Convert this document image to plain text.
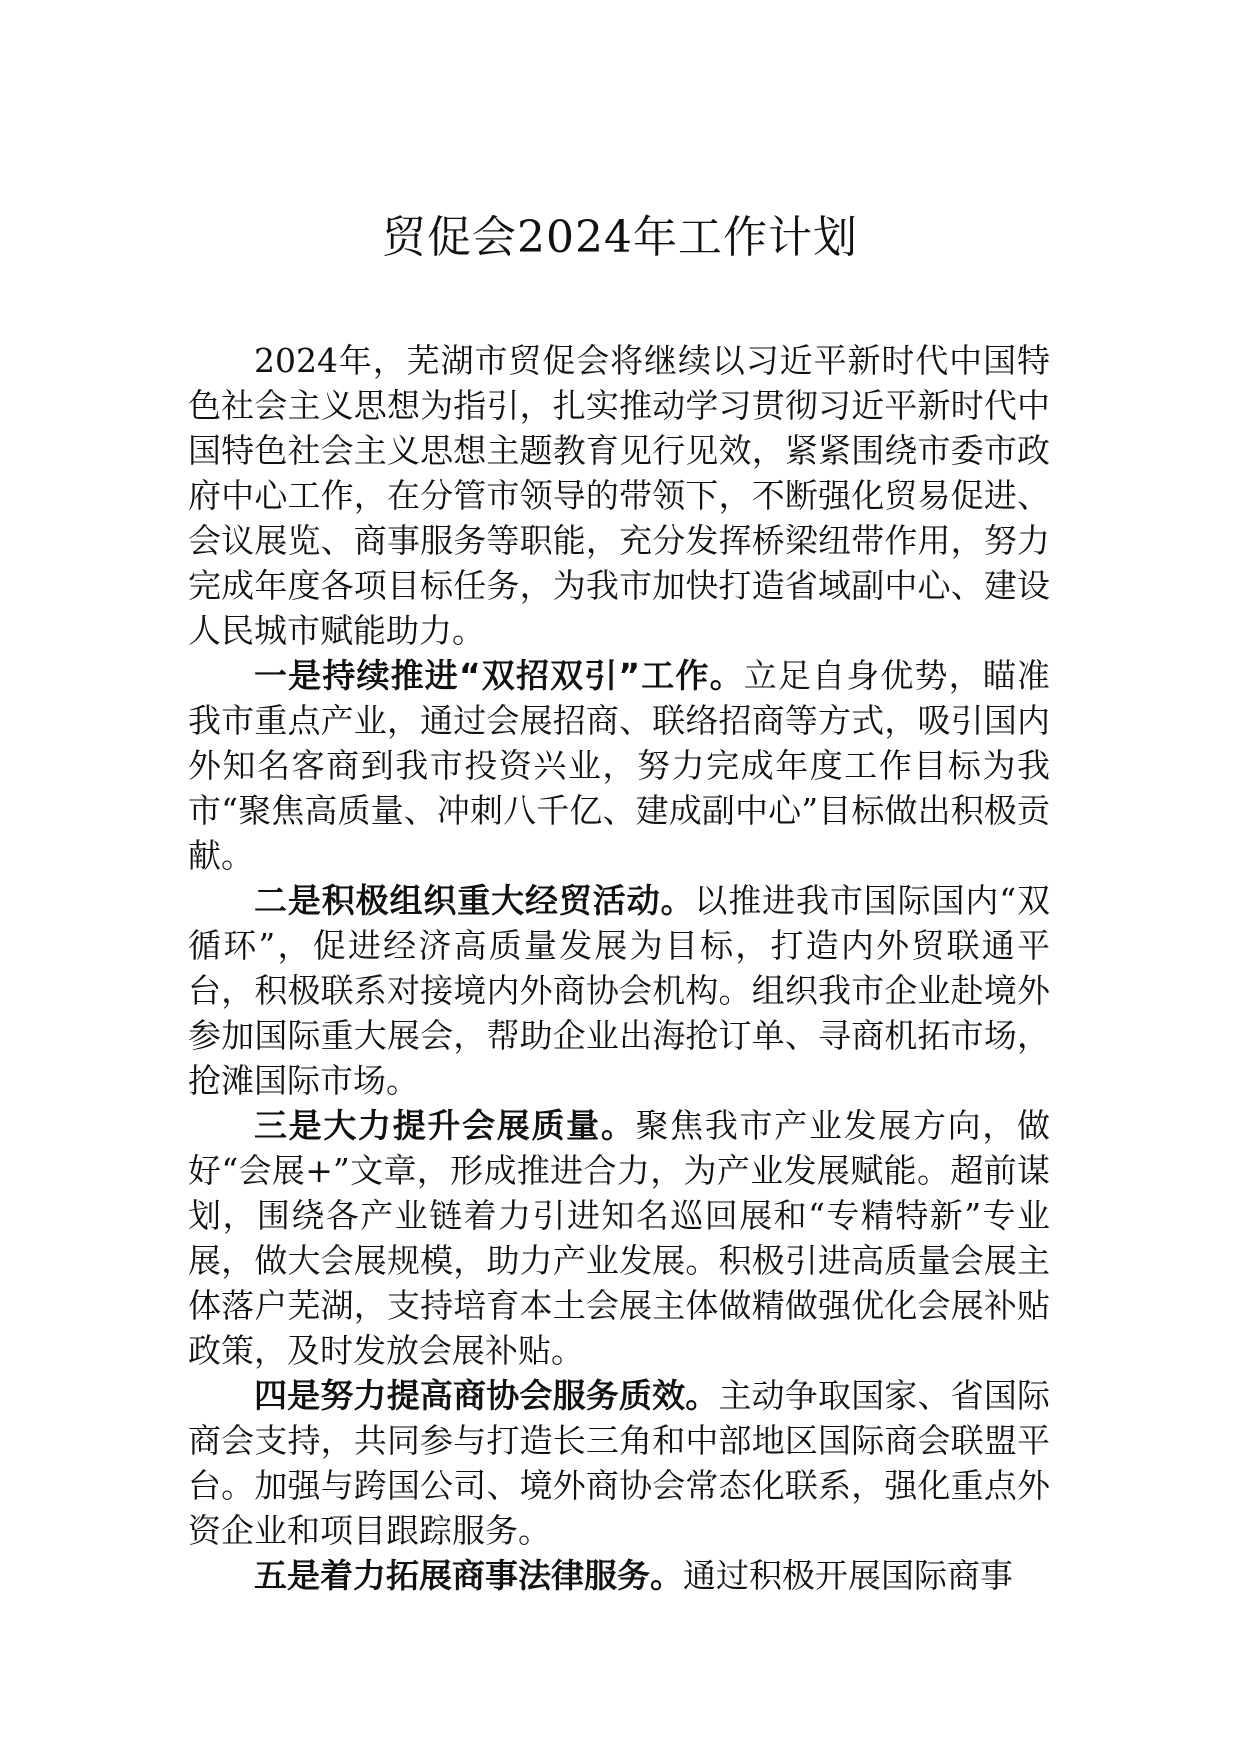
贸促会2024年工作计划

2024年，芜湖市贸促会将继续以习近平新时代中国特色社会主义思想为指引，扎实推动学习贯彻习近平新时代中国特色社会主义思想主题教育见行见效，紧紧围绕市委市政府中心工作，在分管市领导的带领下，不断强化贸易促进、会议展览、商事服务等职能，充分发挥桥梁纽带作用，努力完成年度各项目标任务，为我市加快打造省域副中心、建设人民城市赋能助力。

一是持续推进“双招双引”工作。立足自身优势，瞄准我市重点产业，通过会展招商、联络招商等方式，吸引国内外知名客商到我市投资兴业，努力完成年度工作目标为我市“聚焦高质量、冲刺八千亿、建成副中心”目标做出积极贡献。

二是积极组织重大经贸活动。以推进我市国际国内“双循环”，促进经济高质量发展为目标，打造内外贸联通平台，积极联系对接境内外商协会机构。组织我市企业赴境外参加国际重大展会，帮助企业出海抢订单、寻商机拓市场，抢滩国际市场。

三是大力提升会展质量。聚焦我市产业发展方向，做好“会展+”文章，形成推进合力，为产业发展赋能。超前谋划，围绕各产业链着力引进知名巡回展和“专精特新”专业展，做大会展规模，助力产业发展。积极引进高质量会展主体落户芜湖，支持培育本土会展主体做精做强优化会展补贴政策，及时发放会展补贴。

四是努力提高商协会服务质效。主动争取国家、省国际商会支持，共同参与打造长三角和中部地区国际商会联盟平台。加强与跨国公司、境外商协会常态化联系，强化重点外资企业和项目跟踪服务。

五是着力拓展商事法律服务。通过积极开展国际商事
